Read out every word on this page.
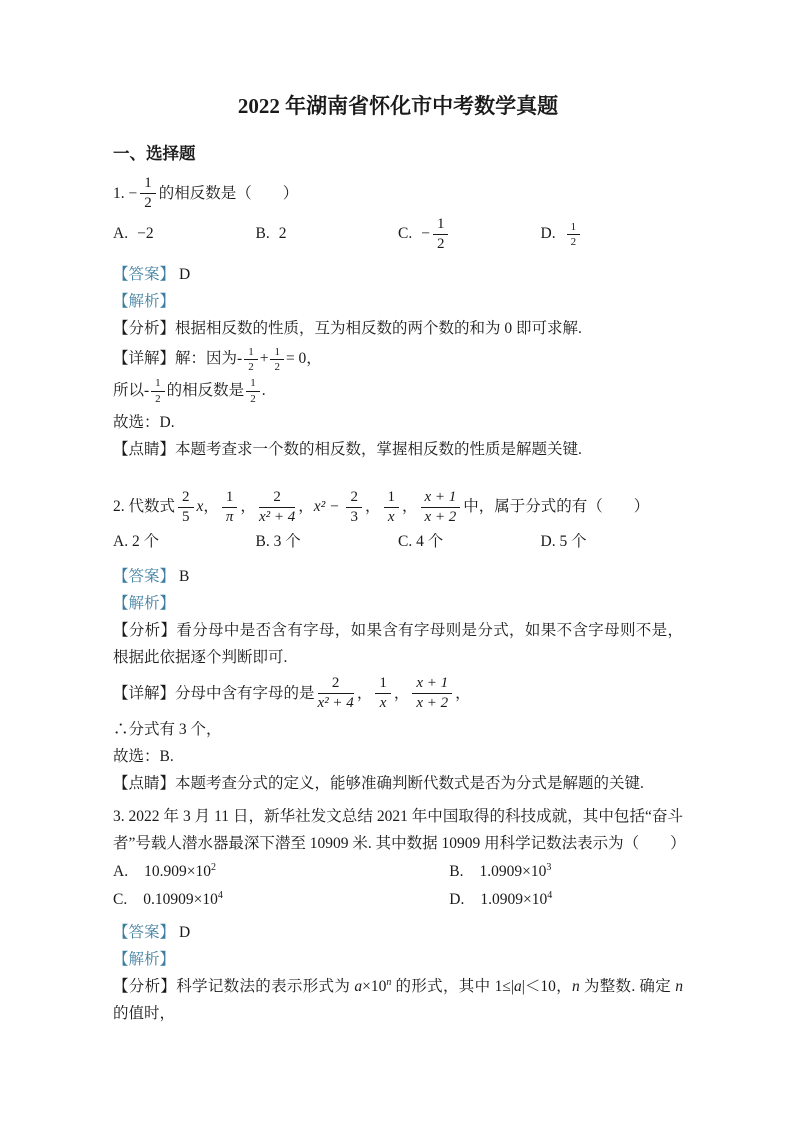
2022 年湖南省怀化市中考数学真题
一、选择题
1.
− $\frac{1}{2}$ 的相反数是（　　）
A. −2	B. 2	C. − $\frac{1}{2}$	D. $\frac{1}{2}$

【答案】 D

【解析】

【分析】根据相反数的性质，互为相反数的两个数的和为 0 即可求解.

【详解】 解：因为- 1
$2 + \frac{1}{2} = 0$，
所以- 1
2 的相反数是 1
2 .

故选：D.

【点睛】本题考查求一个数的相反数，掌握相反数的性质是解题关键.

2.
代数式
2
5
x ，
1
π
，
2
x² + 4
， $x^2 - \frac{2}{3}$ ，
1
x
，
x + 1
x + 2
中，属于分式的有（　　）
A. 2 个	B. 3 个	C. 4 个	D. 5 个

【答案】 B

【解析】

【分析】看分母中是否含有字母，如果含有字母则是分式，如果不含字母则不是，根据此依据逐个判断即可.

【详解】 分母中含有字母的是
2
x² + 4
，
1
x
，
x + 1
x + 2
，

∴分式有 3 个，

故选：B.

【点睛】本题考查分式的定义，能够准确判断代数式是否为分式是解题的关键.

3. 2022 年 3 月 11 日，新华社发文总结 2021 年中国取得的科技成就，其中包括“奋斗者”号载人潜水器最深下潜至 10909 米. 其中数据 10909 用科学记数法表示为（　　）

A. $10.909\times 10^2$	B. $1.0909\times 10^3$
C. $0.10909\times 10^4$	D. $1.0909\times 10^4$

【答案】 D

【解析】

【分析】科学记数法的表示形式为 $a\times 10^n$ 的形式，其中 1≤|a|＜10，n 为整数. 确定 n 的值时，
